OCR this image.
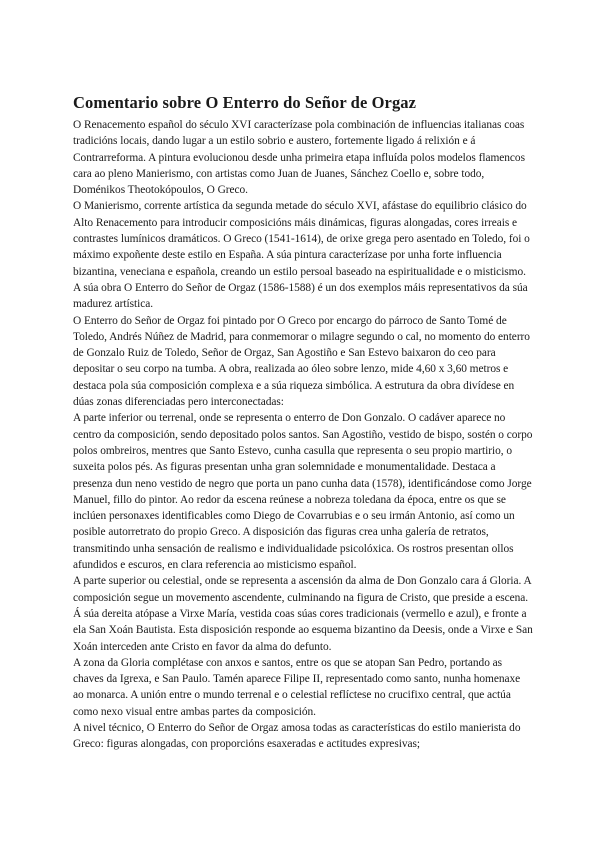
Comentario sobre O Enterro do Señor de Orgaz

O Renacemento español do século XVI caracterízase pola combinación de influencias italianas coas tradicións locais, dando lugar a un estilo sobrio e austero, fortemente ligado á relixión e á Contrarreforma. A pintura evolucionou desde unha primeira etapa influída polos modelos flamencos cara ao pleno Manierismo, con artistas como Juan de Juanes, Sánchez Coello e, sobre todo, Doménikos Theotokópoulos, O Greco.

O Manierismo, corrente artística da segunda metade do século XVI, afástase do equilibrio clásico do Alto Renacemento para introducir composicións máis dinámicas, figuras alongadas, cores irreais e contrastes lumínicos dramáticos. O Greco (1541-1614), de orixe grega pero asentado en Toledo, foi o máximo expoñente deste estilo en España. A súa pintura caracterízase por unha forte influencia bizantina, veneciana e española, creando un estilo persoal baseado na espiritualidade e o misticismo. A súa obra O Enterro do Señor de Orgaz (1586-1588) é un dos exemplos máis representativos da súa madurez artística.

O Enterro do Señor de Orgaz foi pintado por O Greco por encargo do párroco de Santo Tomé de Toledo, Andrés Núñez de Madrid, para conmemorar o milagre segundo o cal, no momento do enterro de Gonzalo Ruiz de Toledo, Señor de Orgaz, San Agostiño e San Estevo baixaron do ceo para depositar o seu corpo na tumba. A obra, realizada ao óleo sobre lenzo, mide 4,60 x 3,60 metros e destaca pola súa composición complexa e a súa riqueza simbólica. A estrutura da obra divídese en dúas zonas diferenciadas pero interconectadas:

A parte inferior ou terrenal, onde se representa o enterro de Don Gonzalo. O cadáver aparece no centro da composición, sendo depositado polos santos. San Agostiño, vestido de bispo, sostén o corpo polos ombreiros, mentres que Santo Estevo, cunha casulla que representa o seu propio martirio, o suxeita polos pés. As figuras presentan unha gran solemnidade e monumentalidade. Destaca a presenza dun neno vestido de negro que porta un pano cunha data (1578), identificándose como Jorge Manuel, fillo do pintor. Ao redor da escena reúnese a nobreza toledana da época, entre os que se inclúen personaxes identificables como Diego de Covarrubias e o seu irmán Antonio, así como un posible autorretrato do propio Greco. A disposición das figuras crea unha galería de retratos, transmitindo unha sensación de realismo e individualidade psicolóxica. Os rostros presentan ollos afundidos e escuros, en clara referencia ao misticismo español.

A parte superior ou celestial, onde se representa a ascensión da alma de Don Gonzalo cara á Gloria. A composición segue un movemento ascendente, culminando na figura de Cristo, que preside a escena. Á súa dereita atópase a Virxe María, vestida coas súas cores tradicionais (vermello e azul), e fronte a ela San Xoán Bautista. Esta disposición responde ao esquema bizantino da Deesis, onde a Virxe e San Xoán interceden ante Cristo en favor da alma do defunto.

A zona da Gloria complétase con anxos e santos, entre os que se atopan San Pedro, portando as chaves da Igrexa, e San Paulo. Tamén aparece Filipe II, representado como santo, nunha homenaxe ao monarca. A unión entre o mundo terrenal e o celestial reflíctese no crucifixo central, que actúa como nexo visual entre ambas partes da composición.

A nivel técnico, O Enterro do Señor de Orgaz amosa todas as características do estilo manierista do Greco: figuras alongadas, con proporcións esaxeradas e actitudes expresivas;
